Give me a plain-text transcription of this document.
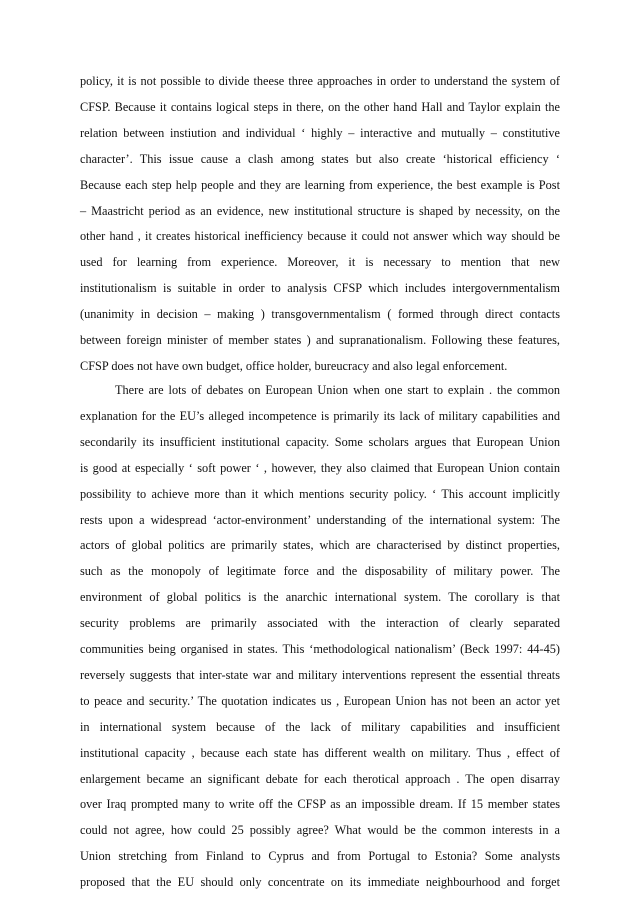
policy, it is not possible to divide theese three approaches in order to understand the system of
CFSP. Because it contains logical steps in there, on the other hand Hall and Taylor explain the
relation between instiution and individual ‘ highly – interactive and mutually – constitutive
character’. This issue cause a clash among states but also create ‘historical efficiency ‘
Because each step help people and they are learning from experience, the best example is Post
– Maastricht period as an evidence, new institutional structure is shaped by necessity, on the
other hand , it creates historical inefficiency because it could not answer which way should be
used for learning from experience. Moreover, it is necessary to mention that new
institutionalism is suitable in order to analysis CFSP which includes intergovernmentalism
(unanimity in decision – making ) transgovernmentalism ( formed through direct contacts
between foreign minister of member states ) and supranationalism. Following these features,
CFSP does not have own budget, office holder, bureucracy and also legal enforcement.
There are lots of debates on European Union when one start to explain . the common
explanation for the EU’s alleged incompetence is primarily its lack of military capabilities and
secondarily its insufficient institutional capacity. Some scholars argues that European Union
is good at especially ‘ soft power ‘ , however, they also claimed that European Union contain
possibility to achieve more than it which mentions security policy. ‘ This account implicitly
rests upon a widespread ‘actor-environment’ understanding of the international system: The
actors of global politics are primarily states, which are characterised by distinct properties,
such as the monopoly of legitimate force and the disposability of military power. The
environment of global politics is the anarchic international system. The corollary is that
security problems are primarily associated with the interaction of clearly separated
communities being organised in states. This ‘methodological nationalism’ (Beck 1997: 44-45)
reversely suggests that inter-state war and military interventions represent the essential threats
to peace and security.’ The quotation indicates us , European Union has not been an actor yet
in international system because of the lack of military capabilities and insufficient
institutional capacity , because each state has different wealth on military. Thus , effect of
enlargement became an significant debate for each therotical approach . The open disarray
over Iraq prompted many to write off the CFSP as an impossible dream. If 15 member states
could not agree, how could 25 possibly agree? What would be the common interests in a
Union stretching from Finland to Cyprus and from Portugal to Estonia? Some analysts
proposed that the EU should only concentrate on its immediate neighbourhood and forget
